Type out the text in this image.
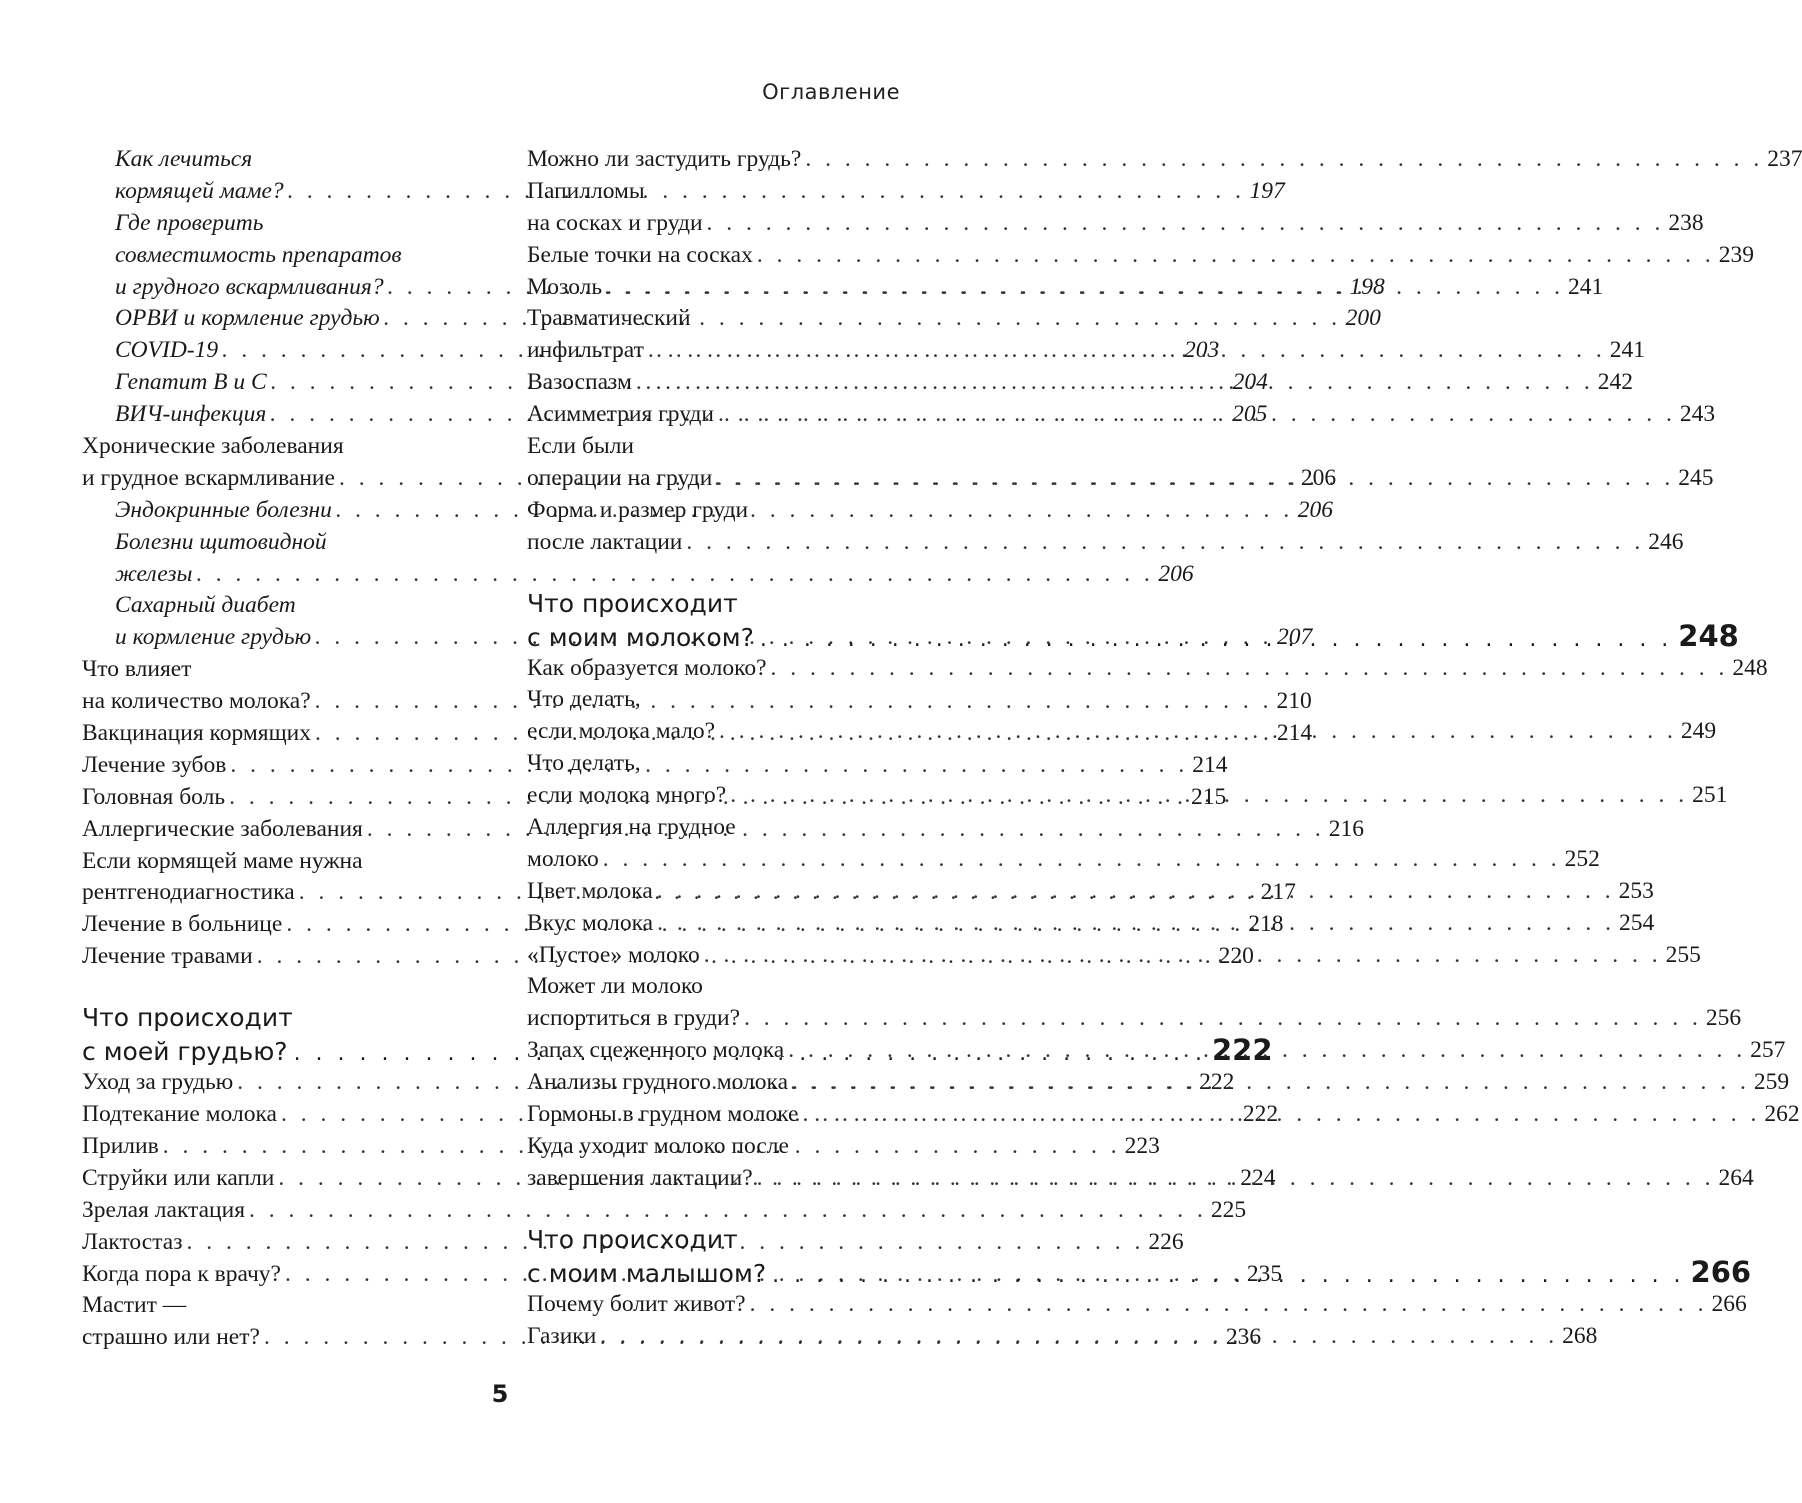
Оглавление
Как лечиться
кормящей маме? . . .	197
Где проверить
совместимость препаратов
и грудного вскармливания? . . .	198
ОРВИ и кормление грудью . . .	200
COVID-19 . . .	203
Гепатит В и С . . .	204
ВИЧ-инфекция . . .	205
Хронические заболевания
и грудное вскармливание . . .	206
Эндокринные болезни . . .	206
Болезни щитовидной
железы . . .	206
Сахарный диабет
и кормление грудью . . .	207
Что влияет
на количество молока? . . .	210
Вакцинация кормящих . . .	214
Лечение зубов . . .	214
Головная боль . . .	215
Аллергические заболевания . . .	216
Если кормящей маме нужна
рентгенодиагностика . . .	217
Лечение в больнице . . .	218
Лечение травами . . .	220
Что происходит
с моей грудью? . . .	222
Уход за грудью . . .	222
Подтекание молока . . .	222
Прилив . . .	223
Струйки или капли . . .	224
Зрелая лактация . . .	225
Лактостаз . . .	226
Когда пора к врачу? . . .	235
Мастит —
страшно или нет? . . .	236
Можно ли застудить грудь? . . .	237
Папилломы
на сосках и груди . . .	238
Белые точки на сосках . . .	239
Мозоль . . .	241
Травматический
инфильтрат . . .	241
Вазоспазм . . .	242
Асимметрия груди . . .	243
Если были
операции на груди . . .	245
Форма и размер груди
после лактации . . .	246
Что происходит
с моим молоком? . . .	248
Как образуется молоко? . . .	248
Что делать,
если молока мало? . . .	249
Что делать,
если молока много? . . .	251
Аллергия на грудное
молоко . . .	252
Цвет молока . . .	253
Вкус молока . . .	254
«Пустое» молоко . . .	255
Может ли молоко
испортиться в груди? . . .	256
Запах сцеженного молока . . .	257
Анализы грудного молока . . .	259
Гормоны в грудном молоке . . .	262
Куда уходит молоко после
завершения лактации? . . .	264
Что происходит
с моим малышом? . . .	266
Почему болит живот? . . .	266
Газики . . .	268
5
